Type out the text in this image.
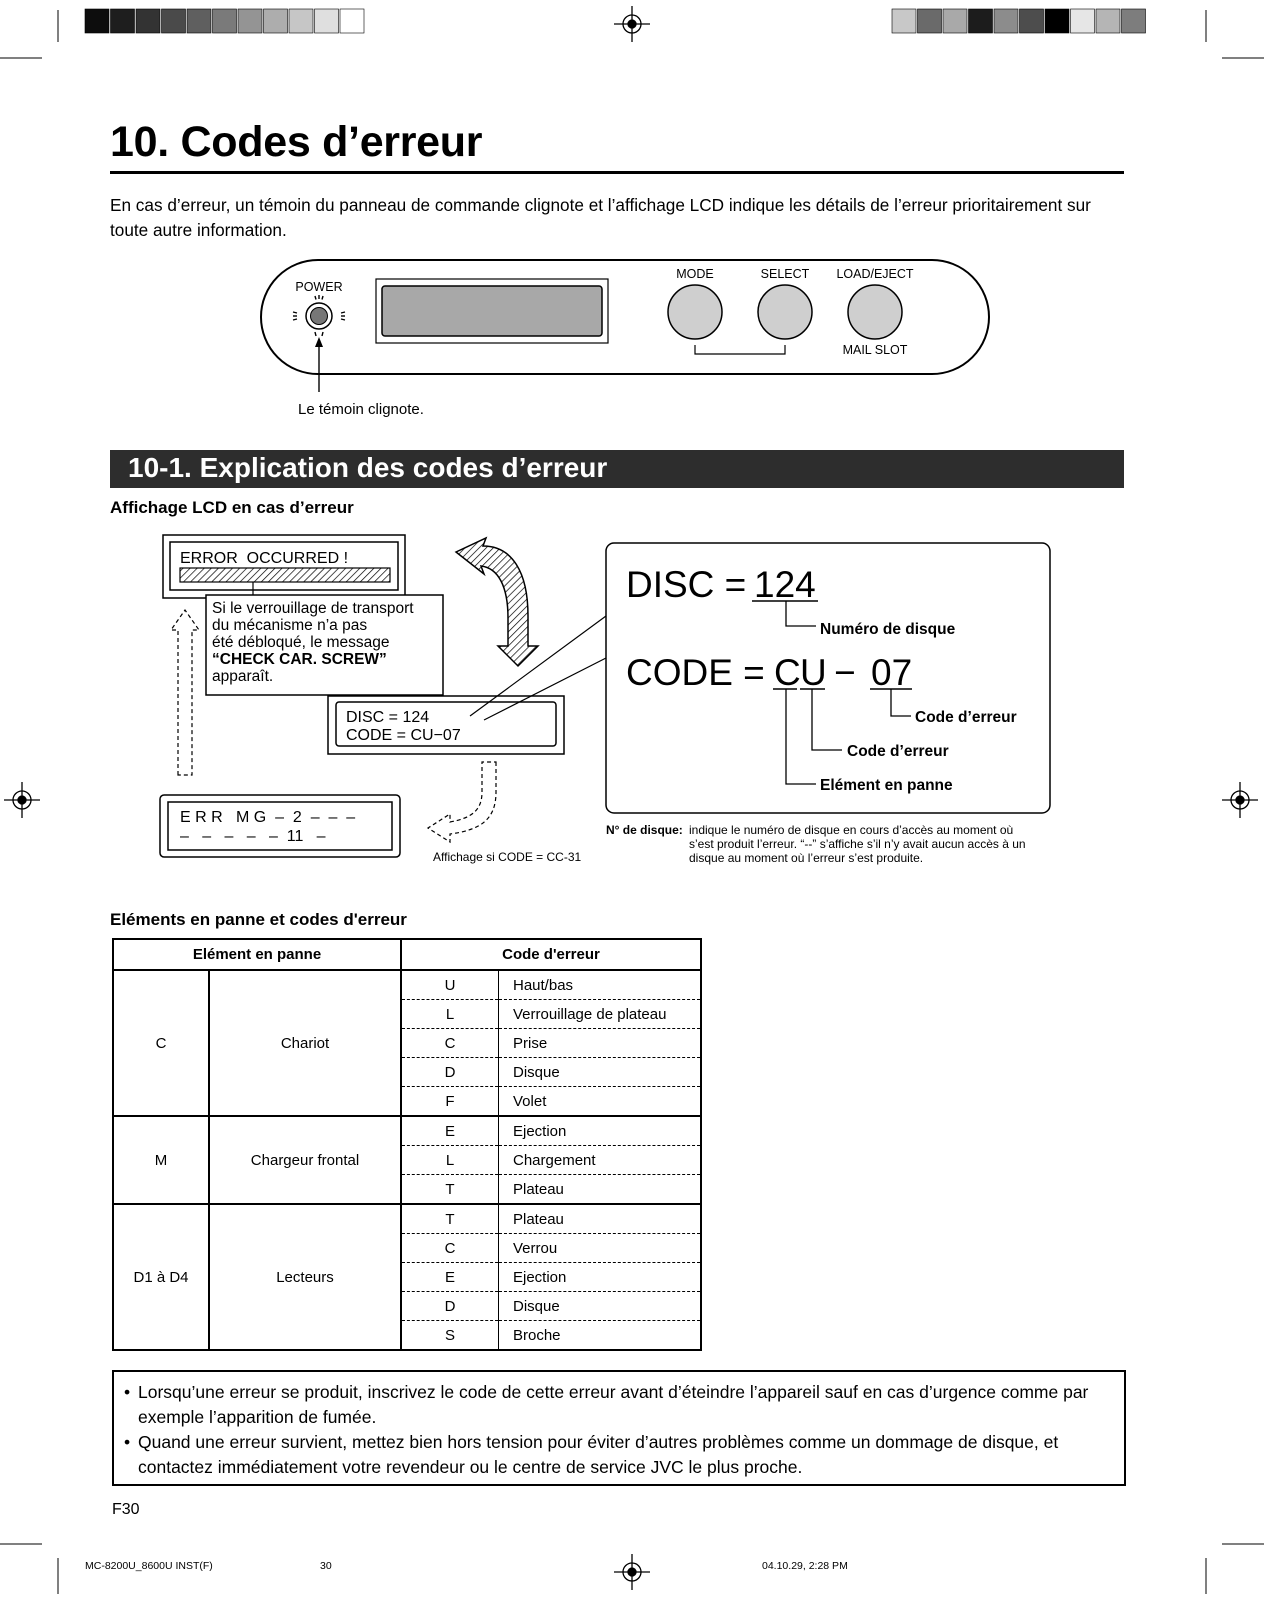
10. Codes d’erreur
En cas d’erreur, un témoin du panneau de commande clignote et l’affichage LCD indique les détails de l’erreur prioritairement sur toute autre information.
POWER
MODE	SELECT LOAD/EJECT
MAIL SLOT
Le témoin clignote.
10-1. Explication des codes d’erreur
Affichage LCD en cas d’erreur
ERROR  OCCURRED !
Si le verrouillage de transport
du mécanisme n’a pas
été débloqué, le message
“CHECK CAR. SCREW”
apparaît.
DISC = 124
CODE = CU−07
DISC =
124
Numéro de disque
CODE =
C U − 07
Code d’erreur
Code d’erreur
Elément en panne
E R R   M G  –  2  –  –  –
–   –   –   –   –  11   –
Affichage si CODE = CC-31
N° de disque: indique le numéro de disque en cours d’accès au moment où
s’est produit l’erreur. “--” s’affiche s’il n’y avait aucun accès à un
disque au moment où l’erreur s’est produite.
Eléments en panne et codes d'erreur
Elément en panne		Code d'erreur	
C	Chariot	U	Haut/bas
		L	Verrouillage de plateau
		C	Prise
		D	Disque
		F	Volet
M	Chargeur frontal	E	Ejection
		L	Chargement
		T	Plateau
D1 à D4	Lecteurs	T	Plateau
		C	Verrou
		E	Ejection
		D	Disque
		S	Broche
• Lorsqu’une erreur se produit, inscrivez le code de cette erreur avant d’éteindre l’appareil sauf en cas d’urgence comme par exemple l’apparition de fumée.
• Quand une erreur survient, mettez bien hors tension pour éviter d’autres problèmes comme un dommage de disque, et contactez immédiatement votre revendeur ou le centre de service JVC le plus proche.
F30
MC-8200U_8600U INST(F)	30	04.10.29, 2:28 PM
